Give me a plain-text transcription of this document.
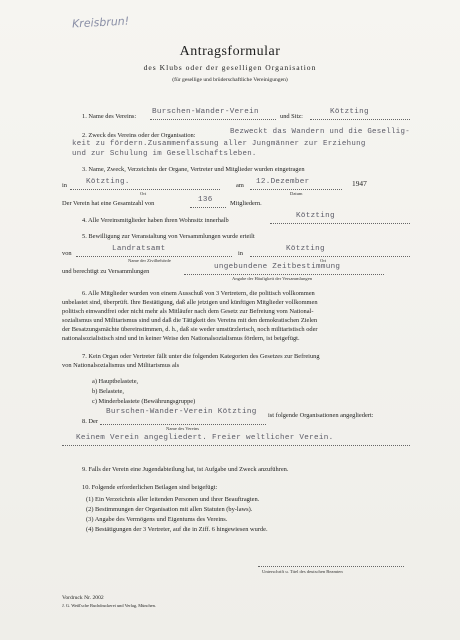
Kreisbrun!
Antragsformular
des Klubs oder der geselligen Organisation
(für gesellige und brüderschaftliche Vereinigungen)
1. Name des Vereins:
Burschen-Wander-Verein
und Sitz:
Kötzting
2. Zweck des Vereins oder der Organisation:	Bezweckt das Wandern und die Gesellig-
keit zu fördern.Zusammenfassung aller Jungmänner zur Erziehung
und zur Schulung im Gesellschaftsleben.
3. Name, Zweck, Verzeichnis der Organe, Vertreter und Mitglieder wurden eingetragen
in	Kötzting.
Ort
am 12.Dezember
Datum
1947
Der Verein hat eine Gesamtzahl von	136	Mitgliedern.
4. Alle Vereinsmitglieder haben ihren Wohnsitz innerhalb
Kötzting
5. Bewilligung zur Veranstaltung von Versammlungen wurde erteilt
von
Landratsamt
Name der Zivilbehörde
in
Kötzting
Ort
und berechtigt zu Versammlungen
ungebundene Zeitbestimmung
Angabe der Häufigkeit der Versammlungen
6. Alle Mitglieder wurden von einem Ausschuß von 3 Vertretern, die politisch vollkommen
unbelastet sind, überprüft. Ihre Bestätigung, daß alle jetzigen und künftigen Mitglieder vollkommen
politisch einwandfrei oder nicht mehr als Mitläufer nach dem Gesetz zur Befreiung vom National-
sozialismus und Militarismus sind und daß die Tätigkeit des Vereins mit den demokratischen Zielen
der Besatzungsmächte übereinstimmen, d. h., daß sie weder umstürzlerisch, noch militaristisch oder
nationalsozialistisch sind und in keiner Weise den Nationalsozialismus fördern, ist beigefügt.
7. Kein Organ oder Vertreter fällt unter die folgenden Kategorien des Gesetzes zur Befreiung
von Nationalsozialismus und Militarismus als
a) Hauptbelastete,
b) Belastete,
c) Minderbelastete (Bewährungsgruppe)
8. Der
Burschen-Wander-Verein Kötzting
Name des Vereins
ist folgende Organisationen angegliedert:
Keinem Verein angegliedert. Freier weltlicher Verein.
9. Falls der Verein eine Jugendabteilung hat, ist Aufgabe und Zweck anzuführen.
10. Folgende erforderlichen Beilagen sind beigefügt:
(1) Ein Verzeichnis aller leitenden Personen und ihrer Beauftragten.
(2) Bestimmungen der Organisation mit allen Statuten (by-laws).
(3) Angabe des Vermögens und Eigentums des Vereins.
(4) Bestätigungen der 3 Vertreter, auf die in Ziff. 6 hingewiesen wurde.
Unterschrift u. Titel des deutschen Beamten
Vordruck Nr. 2002
J. G. Weiß'sche Buchdruckerei und Verlag, München.
